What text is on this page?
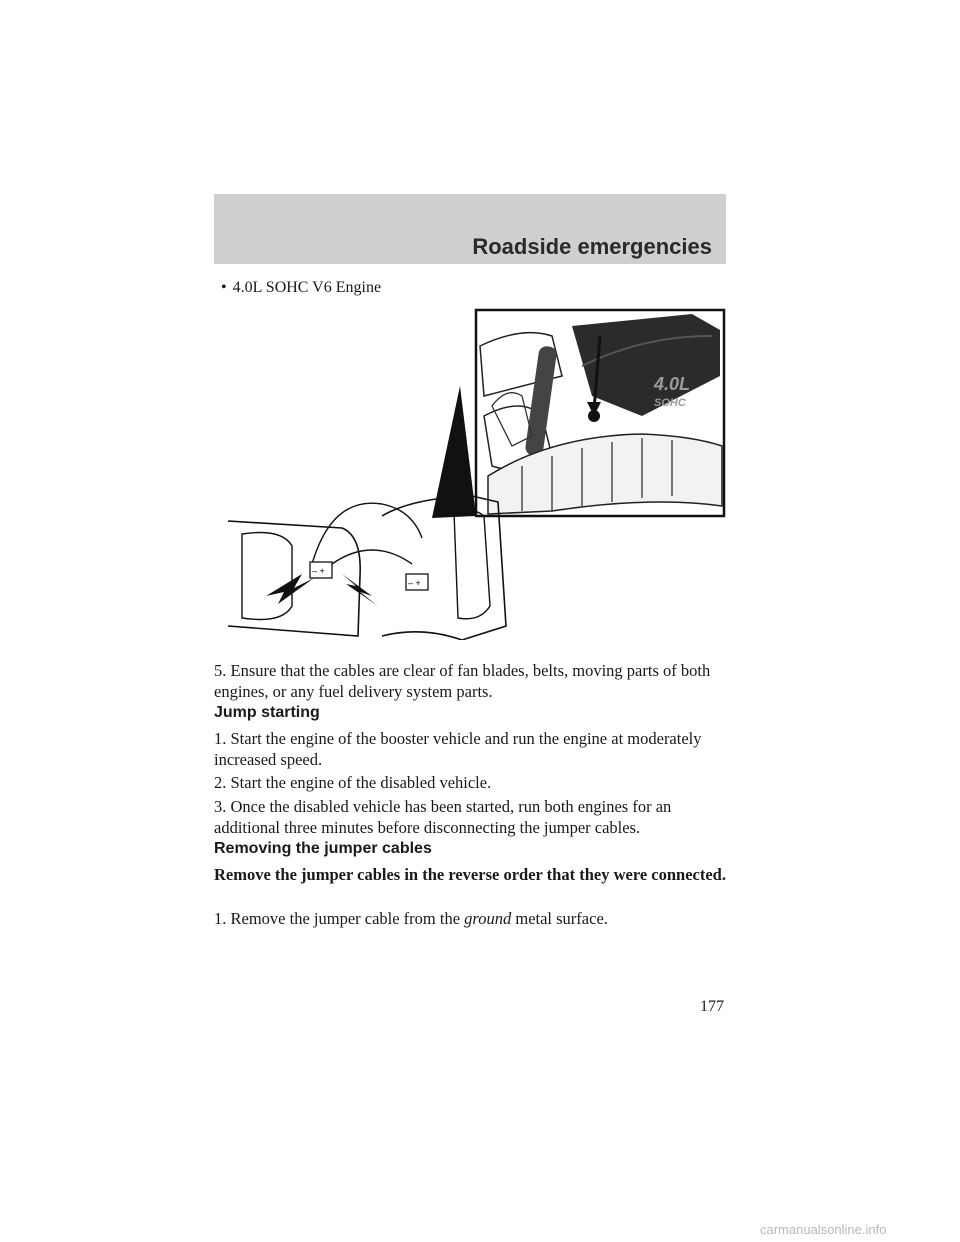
Roadside emergencies
• 4.0L SOHC V6 Engine
4.0L
SOHC
– +
– +

5. Ensure that the cables are clear of fan blades, belts, moving parts of both engines, or any fuel delivery system parts.

Jump starting

1. Start the engine of the booster vehicle and run the engine at moderately increased speed.

2. Start the engine of the disabled vehicle.

3. Once the disabled vehicle has been started, run both engines for an additional three minutes before disconnecting the jumper cables.

Removing the jumper cables

Remove the jumper cables in the reverse order that they were connected.

1. Remove the jumper cable from the ground metal surface.

177
carmanualsonline.info
